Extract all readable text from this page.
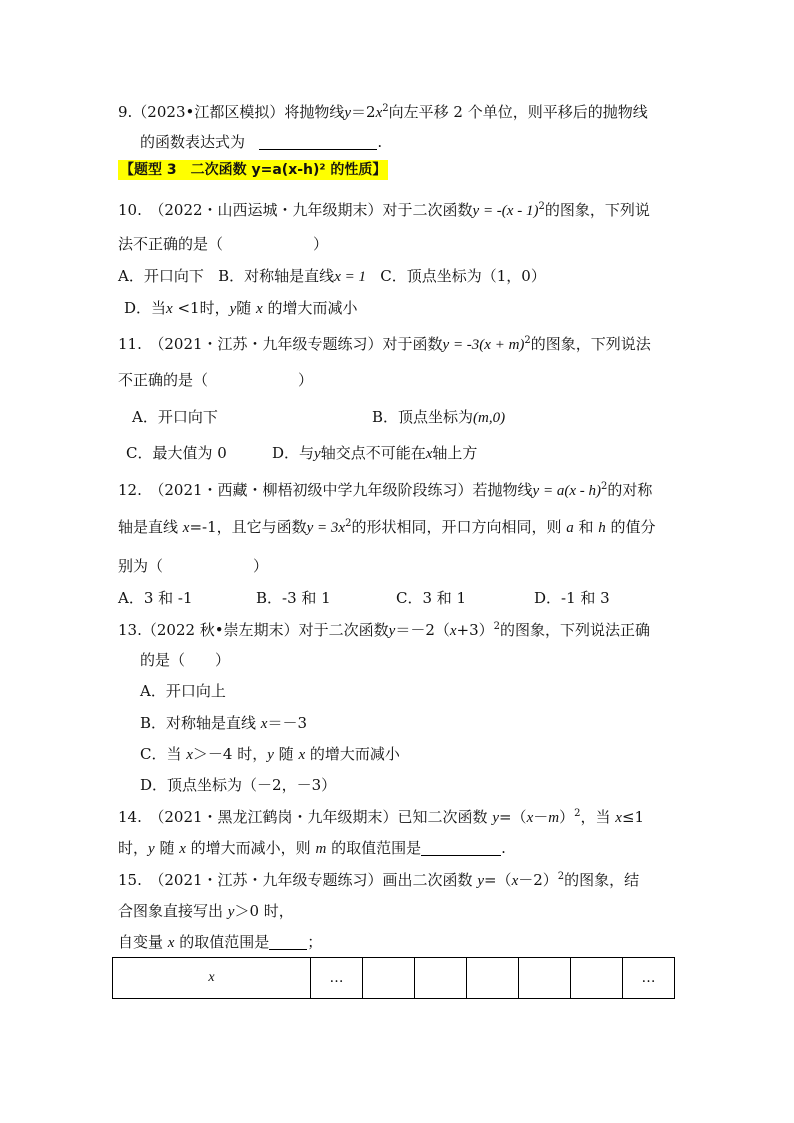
9.（2023•江都区模拟）将抛物线$y=2x^2$向左平移 2 个单位，则平移后的抛物线
的函数表达式为	.
【题型 3　二次函数 y=a(x-h)² 的性质】
10.　（2022・山西运城・九年级期末）对于二次函数y = -(x - 1)$^2$的图象，下列说
法不正确的是（　　　　　　）
A．开口向下 B．对称轴是直线x = 1 C．顶点坐标为（1，0）
D．当x <1时，y随 x 的增大而减小
11.　（2021・江苏・九年级专题练习）对于函数$y = -3(x + m)^2$的图象，下列说法
不正确的是（　　　　　　）
A．开口向下	B．顶点坐标为(m,0)
C．最大值为 0	D．与y轴交点不可能在x轴上方
12.　（2021・西藏・柳梧初级中学九年级阶段练习）若抛物线y = a(x - h)$^2$的对称
轴是直线 x=-1，且它与函数$y = 3x^2$的形状相同，开口方向相同，则 a 和 h 的值分
别为（　　　　　　）
A．3 和 -1	B．-3 和 1	C．3 和 1	D．-1 和 3
13.（2022 秋•崇左期末）对于二次函数$y=-2(x+3)^2$的图象，下列说法正确
的是（　　）
A．开口向上
B．对称轴是直线 x＝－3
C．当 x＞－4 时，y 随 x 的增大而减小
D．顶点坐标为（－2，－3）
14.　（2021・黑龙江鹤岗・九年级期末）已知二次函数 $y=(x-m)^2$，当 x≤1
时，y 随 x 的增大而减小，则 m 的取值范围是	.
15.　（2021・江苏・九年级专题练习）画出二次函数 $y=(x-2)^2$的图象，结
合图象直接写出 y＞0 时，
自变量 x 的取值范围是	；
x	…						…
